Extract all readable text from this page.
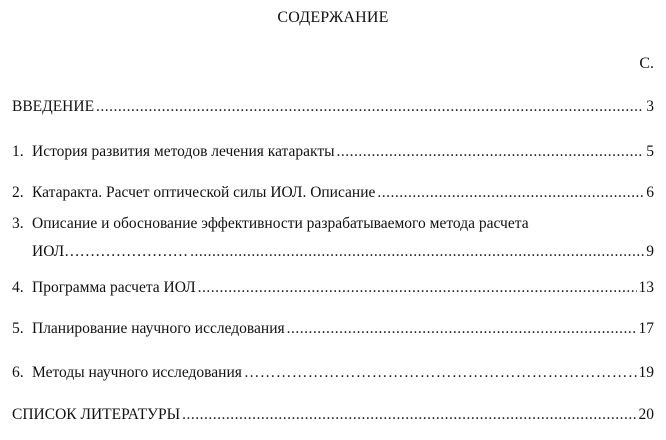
СОДЕРЖАНИЕ
С.
ВВЕДЕНИЕ .....	3
1. История развития методов лечения катаракты .....	5
2. Катаракта. Расчет оптической силы ИОЛ. Описание .....	6
3. Описание и обоснование эффективности разрабатываемого метода расчета
ИОЛ…………………… .....	9
4. Программа расчета ИОЛ .....	13
5. Планирование научного исследования .....	17
6. Методы научного исследования ……………………………………………………………………………………………………………………………………………………………	19
СПИСОК ЛИТЕРАТУРЫ .....	20
